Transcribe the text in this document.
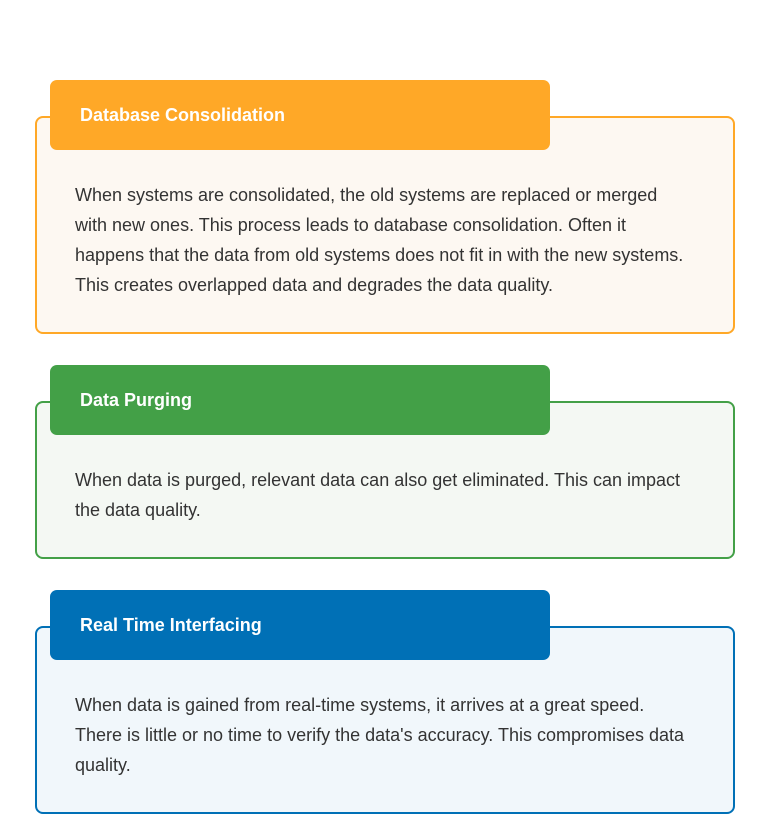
When systems are consolidated, the old systems are replaced or merged with new ones. This process leads to database consolidation. Often it happens that the data from old systems does not fit in with the new systems. This creates overlapped data and degrades the data quality.

Database Consolidation

When data is purged, relevant data can also get eliminated. This can impact the data quality.

Data Purging

When data is gained from real-time systems, it arrives at a great speed. There is little or no time to verify the data's accuracy. This compromises data quality.

Real Time Interfacing
